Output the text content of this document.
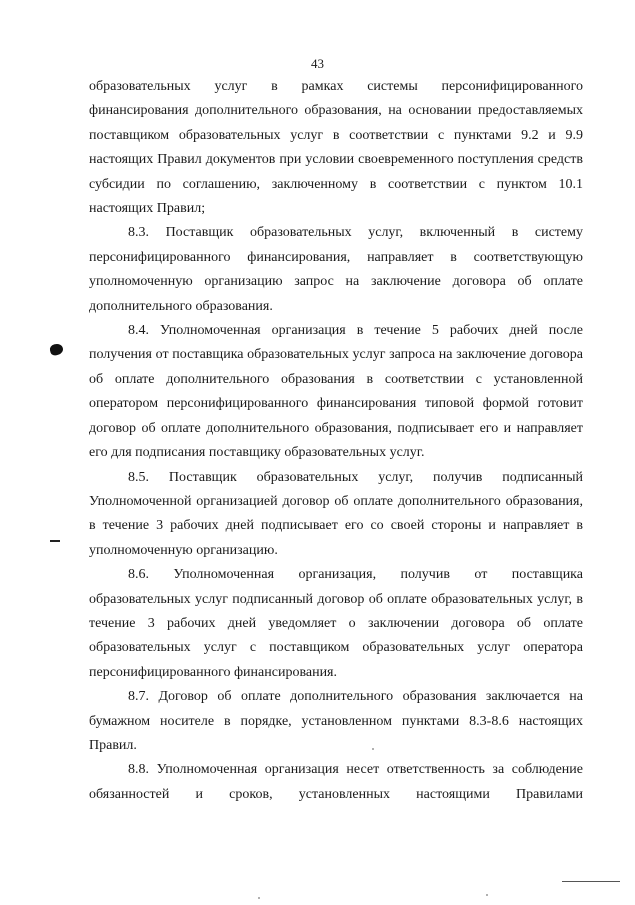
43

образовательных услуг в рамках системы персонифицированного финансирования дополнительного образования, на основании предоставляемых поставщиком образовательных услуг в соответствии с пунктами 9.2 и 9.9 настоящих Правил документов при условии своевременного поступления средств субсидии по соглашению, заключенному в соответствии с пунктом 10.1 настоящих Правил;

8.3. Поставщик образовательных услуг, включенный в систему персонифицированного финансирования, направляет в соответствующую уполномоченную организацию запрос на заключение договора об оплате дополнительного образования.

8.4. Уполномоченная организация в течение 5 рабочих дней после получения от поставщика образовательных услуг запроса на заключение договора об оплате дополнительного образования в соответствии с установленной оператором персонифицированного финансирования типовой формой готовит договор об оплате дополнительного образования, подписывает его и направляет его для подписания поставщику образовательных услуг.

8.5. Поставщик образовательных услуг, получив подписанный Уполномоченной организацией договор об оплате дополнительного образования, в течение 3 рабочих дней подписывает его со своей стороны и направляет в уполномоченную организацию.

8.6. Уполномоченная организация, получив от поставщика образовательных услуг подписанный договор об оплате образовательных услуг, в течение 3 рабочих дней уведомляет о заключении договора об оплате образовательных услуг с поставщиком образовательных услуг оператора персонифицированного финансирования.

8.7. Договор об оплате дополнительного образования заключается на бумажном носителе в порядке, установленном пунктами 8.3-8.6 настоящих Правил.

8.8. Уполномоченная организация несет ответственность за соблюдение обязанностей и сроков, установленных настоящими Правилами
